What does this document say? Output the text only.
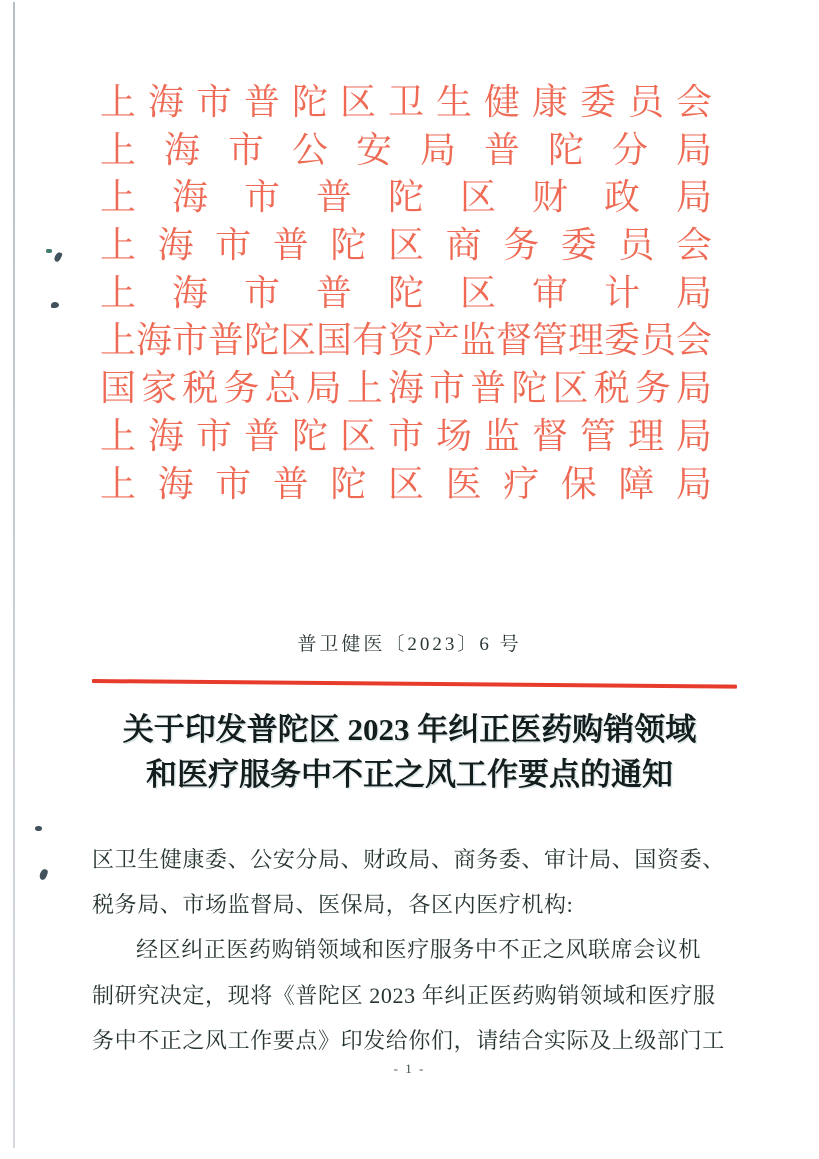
上海市普陀区卫生健康委员会
上海市公安局普陀分局
上海市普陀区财政局
上海市普陀区商务委员会
上海市普陀区审计局
上海市普陀区国有资产监督管理委员会
国家税务总局上海市普陀区税务局
上海市普陀区市场监督管理局
上海市普陀区医疗保障局
普卫健医〔2023〕6 号
关于印发普陀区 2023 年纠正医药购销领域
和医疗服务中不正之风工作要点的通知
区卫生健康委、公安分局、财政局、商务委、审计局、国资委、
税务局、市场监督局、医保局，各区内医疗机构:
经区纠正医药购销领域和医疗服务中不正之风联席会议机
制研究决定，现将《普陀区 2023 年纠正医药购销领域和医疗服
务中不正之风工作要点》印发给你们，请结合实际及上级部门工
- 1 -
